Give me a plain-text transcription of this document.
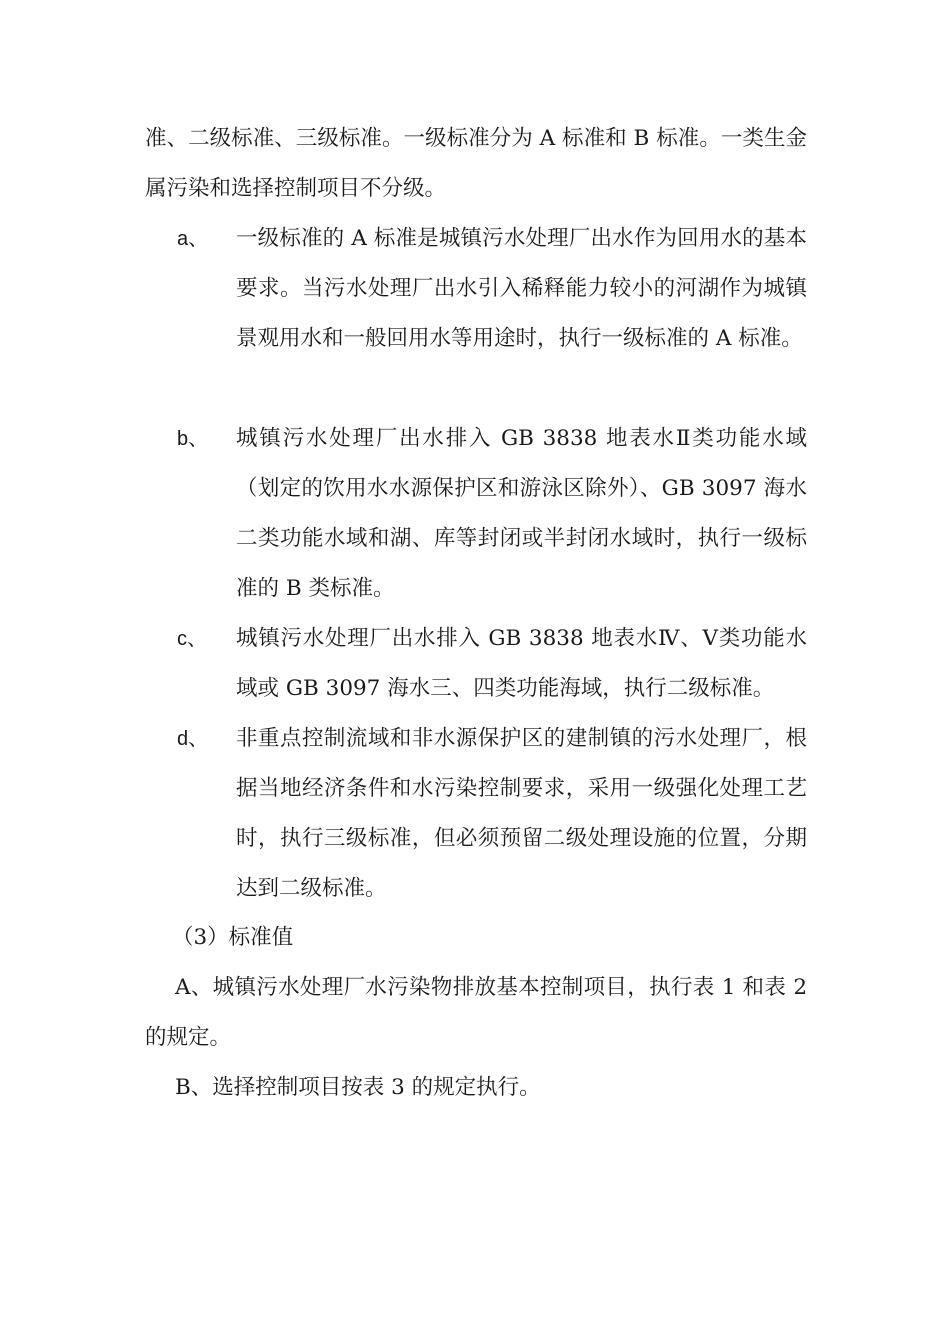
准、二级标准、三级标准。一级标准分为 A 标准和 B 标准。一类生金属污染和选择控制项目不分级。

a、 一级标准的 A 标准是城镇污水处理厂出水作为回用水的基本要求。当污水处理厂出水引入稀释能力较小的河湖作为城镇景观用水和一般回用水等用途时，执行一级标准的 A 标准。
b、 城镇污水处理厂出水排入 GB 3838 地表水Ⅱ类功能水域（划定的饮用水水源保护区和游泳区除外）、GB 3097 海水二类功能水域和湖、库等封闭或半封闭水域时，执行一级标准的 B 类标准。
c、 城镇污水处理厂出水排入 GB 3838 地表水Ⅳ、Ⅴ类功能水域或 GB 3097 海水三、四类功能海域，执行二级标准。
d、 非重点控制流域和非水源保护区的建制镇的污水处理厂，根据当地经济条件和水污染控制要求，采用一级强化处理工艺时，执行三级标准，但必须预留二级处理设施的位置，分期达到二级标准。
（3）标准值

A、城镇污水处理厂水污染物排放基本控制项目，执行表 1 和表 2 的规定。

B、选择控制项目按表 3 的规定执行。
